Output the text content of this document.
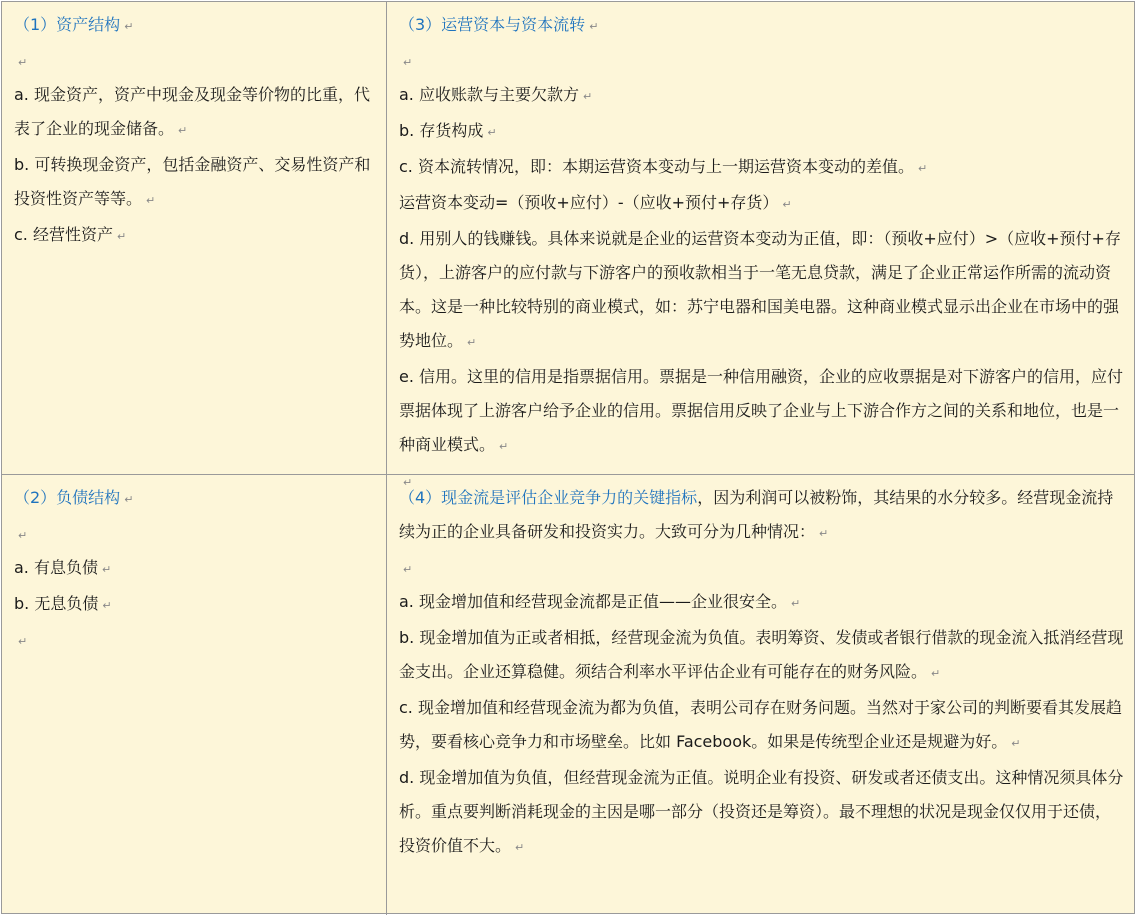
（1）资产结构 ↵
↵
a. 现金资产，资产中现金及现金等价物的比重，代表了企业的现金储备。 ↵
b. 可转换现金资产，包括金融资产、交易性资产和投资性资产等等。 ↵
c. 经营性资产 ↵
（3）运营资本与资本流转 ↵
↵
a. 应收账款与主要欠款方 ↵
b. 存货构成 ↵
c. 资本流转情况，即：本期运营资本变动与上一期运营资本变动的差值。 ↵
运营资本变动=（预收+应付）-（应收+预付+存货） ↵
d. 用别人的钱赚钱。具体来说就是企业的运营资本变动为正值，即：（预收+应付）>（应收+预付+存货），上游客户的应付款与下游客户的预收款相当于一笔无息贷款，满足了企业正常运作所需的流动资本。这是一种比较特别的商业模式，如：苏宁电器和国美电器。这种商业模式显示出企业在市场中的强势地位。 ↵
e. 信用。这里的信用是指票据信用。票据是一种信用融资，企业的应收票据是对下游客户的信用，应付票据体现了上游客户给予企业的信用。票据信用反映了企业与上下游合作方之间的关系和地位，也是一种商业模式。 ↵
↵
（2）负债结构 ↵
↵
a. 有息负债 ↵
b. 无息负债 ↵
↵
（4）现金流是评估企业竞争力的关键指标，因为利润可以被粉饰，其结果的水分较多。经营现金流持续为正的企业具备研发和投资实力。大致可分为几种情况： ↵
↵
a. 现金增加值和经营现金流都是正值——企业很安全。 ↵
b. 现金增加值为正或者相抵，经营现金流为负值。表明筹资、发债或者银行借款的现金流入抵消经营现金支出。企业还算稳健。须结合利率水平评估企业有可能存在的财务风险。 ↵
c. 现金增加值和经营现金流为都为负值，表明公司存在财务问题。当然对于家公司的判断要看其发展趋势，要看核心竞争力和市场壁垒。比如 Facebook。如果是传统型企业还是规避为好。 ↵
d. 现金增加值为负值，但经营现金流为正值。说明企业有投资、研发或者还债支出。这种情况须具体分析。重点要判断消耗现金的主因是哪一部分（投资还是筹资）。最不理想的状况是现金仅仅用于还债，投资价值不大。 ↵
